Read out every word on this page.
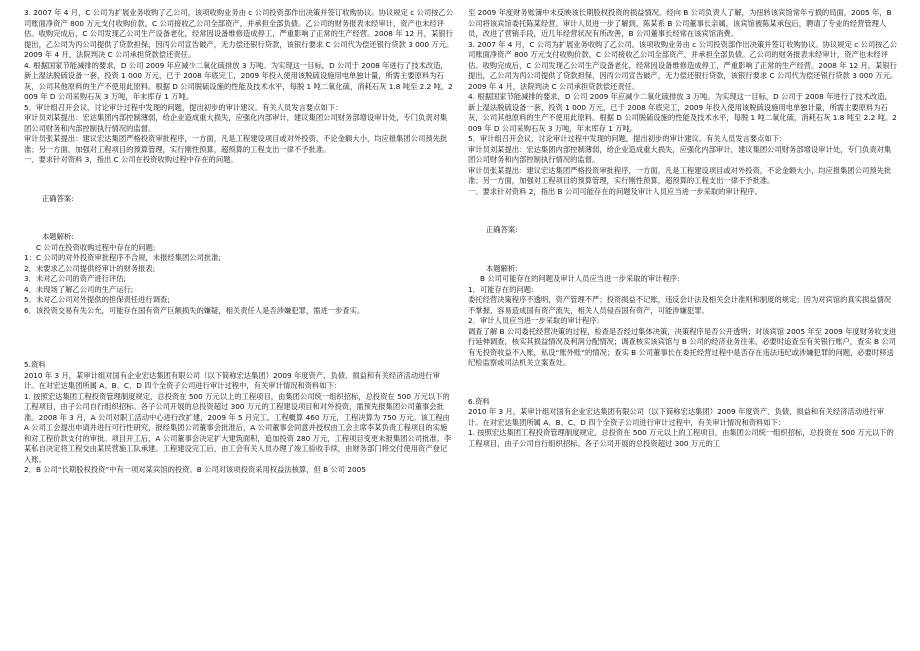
3. 2007 年 4 月，C 公司为扩展业务收购了乙公司。该项收购业务由 c 公司投资部作出决策并签订收购协议。协议规定 c 公司按乙公司账面净资产 800 万元支付收购价款，C 公司接收乙公司全部资产，并承担全部负债。乙公司的财务报表未经审计，资产也未经评估。收购完成后，C 公司发现乙公司生产设备老化，经常因设备维修造成停工，严重影响了正常的生产经营。2008 年 12 月，某银行提出，乙公司为丙公司提供了贷款担保，因丙公司宣告破产，无力偿还银行贷款，该银行要求 C 公司代为偿还银行贷款 3 000 万元。2009 年 4 月，法院判决 C 公司承担贷款偿还责任。

4. 根据国家节能减排的要求，D 公司 2009 年应减少二氧化硫排放 3 万吨。为实现这一目标，D 公司于 2008 年进行了技术改造，新上湿法脱硫设备一套，投资 1 000 万元，已于 2008 年底完工，2009 年投入使用该脱硫设施用电单独计量，所需主要原料为石灰，公司其他原料的生产不使用此原料。根据 D 公司脱硫设施的性能及技术水平，每脱 1 吨二氧化硫，消耗石灰 1.8 吨至 2.2 吨。2009 年 D 公司采购石灰 3 万吨，年末库存 1 万吨。

5．审计组召开会议，讨论审计过程中发现的问题，提出初步的审计建议。有关人员发言要点如下：

审计员刘某提出：宏达集团内部控制薄弱，给企业造成重大损失，应强化内部审计，建议集团公司财务部增设审计处，专门负责对集团公司财务和内部控制执行情况的监督。

审计员张某提出：建议宏达集团严格投资审批程序，一方面，凡是工程建设项目或对外投资，不论金额大小，均应报集团公司预先批准；另一方面，加强对工程项目的预算管理，实行刚性预算，超预算的工程支出一律不予批准。

一、要求针对资料 3，指出 C 公司在投资收购过程中存在的问题。

正确答案:

本题解析:

C 公司在投资收购过程中存在的问题:

1：C 公司的对外投资审批程序不合规，未报经集团公司批准;

2．未要求乙公司提供经审计的财务报表;

3．未对乙公司的资产进行评估;

4．未现场了解乙公司的生产运行;

5．未对乙公司对外提供的担保责任进行调查;

6．该投资交易有失公允，可能存在国有资产巨额损失的嫌疑，相关责任人是否涉嫌犯罪，需进一步查实。

5.资料

2010 年 3 月，某审计组对国有企业宏达集团有限公司（以下简称宏达集团）2009 年度资产、负债、损益和有关经济活动进行审计。在对宏达集团所属 A、B、C、D 四个全资子公司进行审计过程中，有关审计情况和资料如下：

1. 按照宏达集团工程投资管理制度规定，总投资在 500 万元以上的工程项目，由集团公司统一组织招标，总投资在 500 万元以下的工程项目，由子公司自行组织招标。各子公司开展的总投资超过 300 万元的工程建设项目和对外投资，需预先报集团公司董事会批准。2008 年 3 月，A 公司对职工活动中心进行改扩建，2009 年 5 月完工。工程概算 460 万元，工程决算为 750 万元。该工程由 A 公司工会提出申请并进行可行性研究，报经集团公司董事会批准后，A 公司董事会同意并授权由工会主席李某负责工程项目的实施和对工程价款支付的审批。项目开工后，A 公司董事会决定扩大建筑面积，追加投资 280 万元，工程项目变更未报集团公司批准。李某私自决定将工程交由某民营施工队承建。工程建设完工后，由工会有关人员办理了竣工验收手续，由财务部门将交付使用资产登记入账。

2．B 公司“长期股权投资”中有一项对某宾馆的投资。B 公司对该项投资采用权益法核算，但 B 公司 2005

至 2009 年度财务账簿中未反映该长期股权投资的损益情况。经向 B 公司负责人了解，为扭转该宾馆常年亏损的局面，2005 年，B 公司将该宾馆委托陈某经营。审计人员进一步了解到，陈某系 B 公司董事长亲属，该宾馆被陈某承包后，聘请了专业的经营管理人员，改进了营销手段，近几年经营状况有所改善，B 公司董事长经常在该宾馆消费。

3. 2007 年 4 月，C 公司为扩展业务收购了乙公司。该项收购业务由 c 公司投资部作出决策并签订收购协议。协议规定 c 公司按乙公司账面净资产 800 万元支付收购价款，C 公司接收乙公司全部资产，并承担全部负债。乙公司的财务报表未经审计，资产也未经评估。收购完成后，C 公司发现乙公司生产设备老化，经常因设备维修造成停工，严重影响了正常的生产经营。2008 年 12 月，某银行提出，乙公司为丙公司提供了贷款担保，因丙公司宣告破产，无力偿还银行贷款，该银行要求 C 公司代为偿还银行贷款 3 000 万元。2009 年 4 月，法院判决 C 公司承担贷款偿还责任。

4. 根据国家节能减排的要求，D 公司 2009 年应减少二氧化硫排放 3 万吨。为实现这一目标，D 公司于 2008 年进行了技术改造，新上湿法脱硫设备一套，投资 1 000 万元，已于 2008 年底完工，2009 年投入使用该脱硫设施用电单独计量，所需主要原料为石灰，公司其他原料的生产不使用此原料。根据 D 公司脱硫设施的性能及技术水平，每脱 1 吨二氧化硫，消耗石灰 1.8 吨至 2.2 吨。2009 年 D 公司采购石灰 3 万吨，年末库存 1 万吨。

5．审计组召开会议，讨论审计过程中发现的问题，提出初步的审计建议。有关人员发言要点如下：

审计员刘某提出：宏达集团内部控制薄弱，给企业造成重大损失，应强化内部审计，建议集团公司财务部增设审计处，专门负责对集团公司财务和内部控制执行情况的监督。

审计员张某提出：建议宏达集团严格投资审批程序，一方面，凡是工程建设项目或对外投资，不论金额大小，均应报集团公司预先批准；另一方面，加强对工程项目的预算管理，实行刚性预算，超预算的工程支出一律不予批准。

一、要求针对资料 2，指出 B 公司可能存在的问题及审计人员应当进一步采取的审计程序。

正确答案:

本题解析:

B 公司可能存在的问题及审计人员应当进一步采取的审计程序:

1．可能存在的问题:

委托经营决策程序不透明，资产管理不严；投资损益不记账，违反会计法及相关会计准则和制度的规定；因为对宾馆的真实损益情况不掌握，容易造成国有资产流失，相关人员侵吞国有资产，可能涉嫌犯罪。

2．审计人员应当进一步采取的审计程序:

调查了解 B 公司委托经营决策的过程，检查是否经过集体决策，决策程序是否公开透明；对该宾馆 2005 年至 2009 年度财务收支进行延伸调查，核实其损益情况及利润分配情况；调查核实该宾馆与 B 公司的经济业务往来，必要时追查至有关银行账户，查实 B 公司有无投资收益不入账，私设“账外账”的情况；查实 B 公司董事长在委托经营过程中是否存在违法违纪或涉嫌犯罪的问题，必要时移送纪检监察或司法机关立案查处。

6.资料

2010 年 3 月，某审计组对国有企业宏达集团有限公司（以下简称宏达集团）2009 年度资产、负债、损益和有关经济活动进行审计。在对宏达集团所属 A、B、C、D 四个全资子公司进行审计过程中，有关审计情况和资料如下：

1. 按照宏达集团工程投资管理制度规定，总投资在 500 万元以上的工程项目，由集团公司统一组织招标，总投资在 500 万元以下的工程项目，由子公司自行组织招标。各子公司开展的总投资超过 300 万元的工
